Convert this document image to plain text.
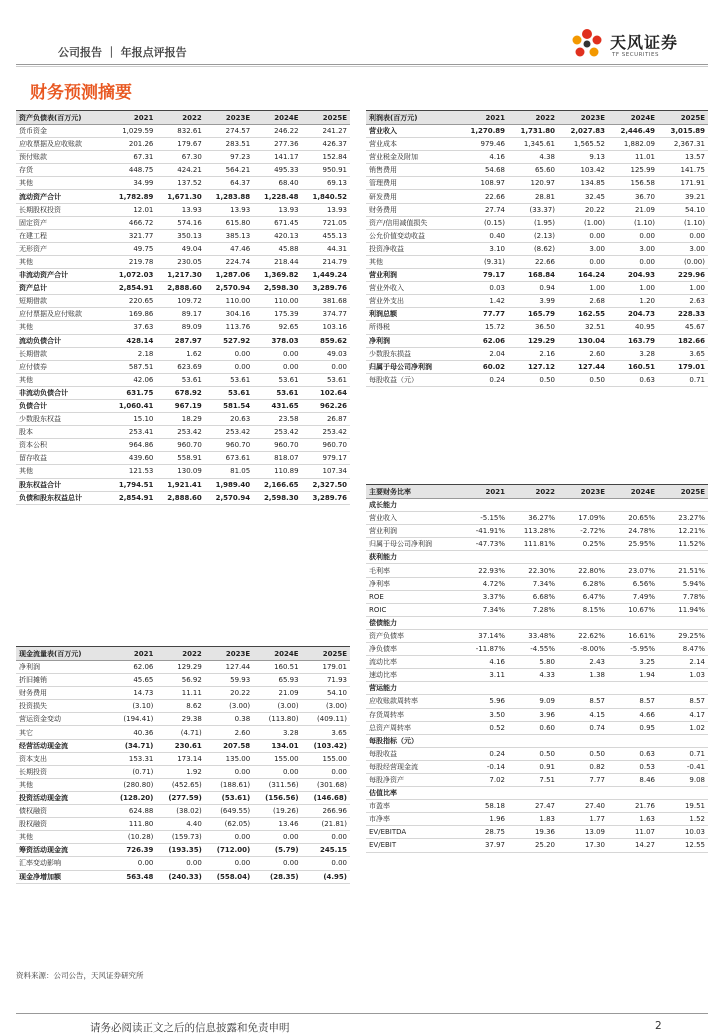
公司报告 ｜ 年报点评报告
天风证券
TF SECURITIES
财务预测摘要
资产负债表(百万元)	2021	2022	2023E	2024E	2025E
货币资金	1,029.59	832.61	274.57	246.22	241.27
应收票据及应收账款	201.26	179.67	283.51	277.36	426.37
预付账款	67.31	67.30	97.23	141.17	152.84
存货	448.75	424.21	564.21	495.33	950.91
其他	34.99	137.52	64.37	68.40	69.13
流动资产合计	1,782.89	1,671.30	1,283.88	1,228.48	1,840.52
长期股权投资	12.01	13.93	13.93	13.93	13.93
固定资产	466.72	574.16	615.80	671.45	721.05
在建工程	321.77	350.13	385.13	420.13	455.13
无形资产	49.75	49.04	47.46	45.88	44.31
其他	219.78	230.05	224.74	218.44	214.79
非流动资产合计	1,072.03	1,217.30	1,287.06	1,369.82	1,449.24
资产总计	2,854.91	2,888.60	2,570.94	2,598.30	3,289.76
短期借款	220.65	109.72	110.00	110.00	381.68
应付票据及应付账款	169.86	89.17	304.16	175.39	374.77
其他	37.63	89.09	113.76	92.65	103.16
流动负债合计	428.14	287.97	527.92	378.03	859.62
长期借款	2.18	1.62	0.00	0.00	49.03
应付债券	587.51	623.69	0.00	0.00	0.00
其他	42.06	53.61	53.61	53.61	53.61
非流动负债合计	631.75	678.92	53.61	53.61	102.64
负债合计	1,060.41	967.19	581.54	431.65	962.26
少数股东权益	15.10	18.29	20.63	23.58	26.87
股本	253.41	253.42	253.42	253.42	253.42
资本公积	964.86	960.70	960.70	960.70	960.70
留存收益	439.60	558.91	673.61	818.07	979.17
其他	121.53	130.09	81.05	110.89	107.34
股东权益合计	1,794.51	1,921.41	1,989.40	2,166.65	2,327.50
负债和股东权益总计	2,854.91	2,888.60	2,570.94	2,598.30	3,289.76
利润表(百万元)	2021	2022	2023E	2024E	2025E
营业收入	1,270.89	1,731.80	2,027.83	2,446.49	3,015.89
营业成本	979.46	1,345.61	1,565.52	1,882.09	2,367.31
营业税金及附加	4.16	4.38	9.13	11.01	13.57
销售费用	54.68	65.60	103.42	125.99	141.75
管理费用	108.97	120.97	134.85	156.58	171.91
研发费用	22.66	28.81	32.45	36.70	39.21
财务费用	27.74	(33.37)	20.22	21.09	54.10
资产/信用减值损失	(0.15)	(1.95)	(1.00)	(1.10)	(1.10)
公允价值变动收益	0.40	(2.13)	0.00	0.00	0.00
投资净收益	3.10	(8.62)	3.00	3.00	3.00
其他	(9.31)	22.66	0.00	0.00	(0.00)
营业利润	79.17	168.84	164.24	204.93	229.96
营业外收入	0.03	0.94	1.00	1.00	1.00
营业外支出	1.42	3.99	2.68	1.20	2.63
利润总额	77.77	165.79	162.55	204.73	228.33
所得税	15.72	36.50	32.51	40.95	45.67
净利润	62.06	129.29	130.04	163.79	182.66
少数股东损益	2.04	2.16	2.60	3.28	3.65
归属于母公司净利润	60.02	127.12	127.44	160.51	179.01
每股收益（元）	0.24	0.50	0.50	0.63	0.71
主要财务比率	2021	2022	2023E	2024E	2025E
成长能力					
营业收入	-5.15%	36.27%	17.09%	20.65%	23.27%
营业利润	-41.91%	113.28%	-2.72%	24.78%	12.21%
归属于母公司净利润	-47.73%	111.81%	0.25%	25.95%	11.52%
获利能力					
毛利率	22.93%	22.30%	22.80%	23.07%	21.51%
净利率	4.72%	7.34%	6.28%	6.56%	5.94%
ROE	3.37%	6.68%	6.47%	7.49%	7.78%
ROIC	7.34%	7.28%	8.15%	10.67%	11.94%
偿债能力					
资产负债率	37.14%	33.48%	22.62%	16.61%	29.25%
净负债率	-11.87%	-4.55%	-8.00%	-5.95%	8.47%
流动比率	4.16	5.80	2.43	3.25	2.14
速动比率	3.11	4.33	1.38	1.94	1.03
营运能力					
应收账款周转率	5.96	9.09	8.57	8.57	8.57
存货周转率	3.50	3.96	4.15	4.66	4.17
总资产周转率	0.52	0.60	0.74	0.95	1.02
每股指标（元）					
每股收益	0.24	0.50	0.50	0.63	0.71
每股经营现金流	-0.14	0.91	0.82	0.53	-0.41
每股净资产	7.02	7.51	7.77	8.46	9.08
估值比率					
市盈率	58.18	27.47	27.40	21.76	19.51
市净率	1.96	1.83	1.77	1.63	1.52
EV/EBITDA	28.75	19.36	13.09	11.07	10.03
EV/EBIT	37.97	25.20	17.30	14.27	12.55
现金流量表(百万元)	2021	2022	2023E	2024E	2025E
净利润	62.06	129.29	127.44	160.51	179.01
折旧摊销	45.65	56.92	59.93	65.93	71.93
财务费用	14.73	11.11	20.22	21.09	54.10
投资损失	(3.10)	8.62	(3.00)	(3.00)	(3.00)
营运资金变动	(194.41)	29.38	0.38	(113.80)	(409.11)
其它	40.36	(4.71)	2.60	3.28	3.65
经营活动现金流	(34.71)	230.61	207.58	134.01	(103.42)
资本支出	153.31	173.14	135.00	155.00	155.00
长期投资	(0.71)	1.92	0.00	0.00	0.00
其他	(280.80)	(452.65)	(188.61)	(311.56)	(301.68)
投资活动现金流	(128.20)	(277.59)	(53.61)	(156.56)	(146.68)
债权融资	624.88	(38.02)	(649.55)	(19.26)	266.96
股权融资	111.80	4.40	(62.05)	13.46	(21.81)
其他	(10.28)	(159.73)	0.00	0.00	0.00
筹资活动现金流	726.39	(193.35)	(712.00)	(5.79)	245.15
汇率变动影响	0.00	0.00	0.00	0.00	0.00
现金净增加额	563.48	(240.33)	(558.04)	(28.35)	(4.95)
资料来源：公司公告，天风证券研究所
请务必阅读正文之后的信息披露和免责申明	2
